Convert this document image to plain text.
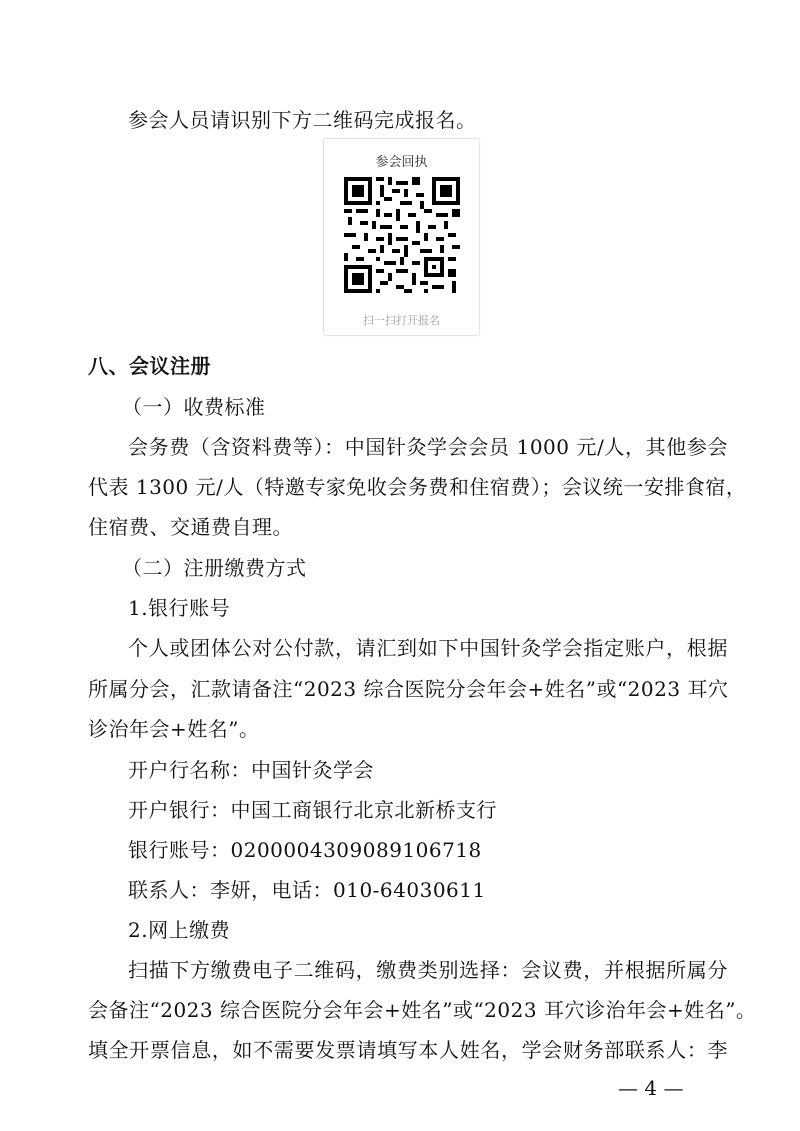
参会人员请识别下方二维码完成报名。
参会回执
扫一扫打开报名
八、会议注册
（一）收费标准
会务费（含资料费等）：中国针灸学会会员 1000 元/人，其他参会
代表 1300 元/人（特邀专家免收会务费和住宿费）；会议统一安排食宿，
住宿费、交通费自理。
（二）注册缴费方式
1.银行账号
个人或团体公对公付款，请汇到如下中国针灸学会指定账户，根据
所属分会，汇款请备注“2023 综合医院分会年会+姓名”或“2023 耳穴
诊治年会+姓名”。
开户行名称：中国针灸学会
开户银行：中国工商银行北京北新桥支行
银行账号：0200004309089106718
联系人：李妍，电话：010-64030611
2.网上缴费
扫描下方缴费电子二维码，缴费类别选择：会议费，并根据所属分
会备注“2023 综合医院分会年会+姓名”或“2023 耳穴诊治年会+姓名”。
填全开票信息，如不需要发票请填写本人姓名，学会财务部联系人：李
— 4 —
